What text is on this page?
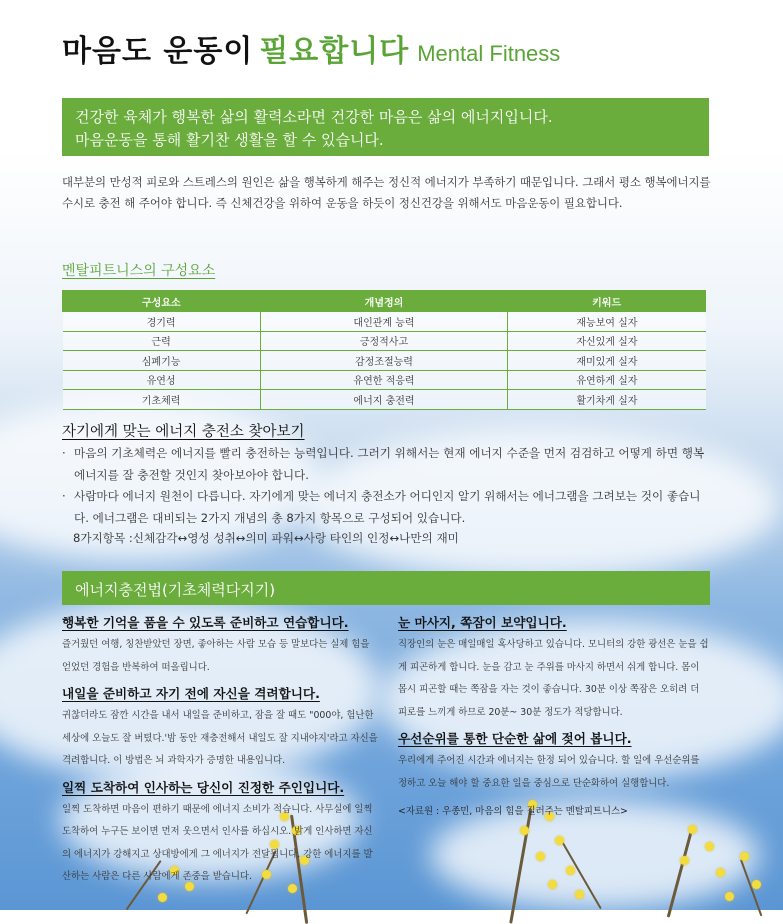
마음도 운동이 필요합니다 Mental Fitness
건강한 육체가 행복한 삶의 활력소라면 건강한 마음은 삶의 에너지입니다.
마음운동을 통해 활기찬 생활을 할 수 있습니다.
대부분의 만성적 피로와 스트레스의 원인은 삶을 행복하게 해주는 정신적 에너지가 부족하기 때문입니다. 그래서 평소 행복에너지를 수시로 충전 해 주어야 합니다. 즉 신체건강을 위하여 운동을 하듯이 정신건강을 위해서도 마음운동이 필요합니다.
멘탈피트니스의 구성요소
구성요소	개념정의	키워드
경기력	대인관계 능력	재능보여 실자
근력	긍정적사고	자신있게 실자
심폐기능	감정조절능력	재미있게 실자
유연성	유연한 적응력	유연하게 실자
기초체력	에너지 충전력	활기차게 실자
자기에게 맞는 에너지 충전소 찾아보기
· 마음의 기초체력은 에너지를 빨리 충전하는 능력입니다. 그러기 위해서는 현재 에너지 수준을 먼저 검검하고 어떻게 하면 행복에너지를 잘 충전할 것인지 찾아보아야 합니다.
· 사람마다 에너지 원천이 다릅니다. 자기에게 맞는 에너지 충전소가 어디인지 알기 위해서는 에너그램을 그려보는 것이 좋습니다. 에너그램은 대비되는 2가지 개념의 총 8가지 항목으로 구성되어 있습니다.
8가지항목 :신체감각↔영성 성취↔의미 파워↔사랑 타인의 인정↔나만의 재미
에너지충전법(기초체력다지기)
행복한 기억을 품을 수 있도록 준비하고 연습합니다.
즐거웠던 여행, 칭찬받았던 장면, 좋아하는 사람 모습 등 말보다는 실제 힘을 얻었던 경험을 반복하여 떠올립니다.
내일을 준비하고 자기 전에 자신을 격려합니다.
귀찮더라도 잠깐 시간을 내서 내일을 준비하고, 잠을 잘 때도 "000야, 험난한 세상에 오늘도 잘 버텼다.'밤 동안 재충전해서 내일도 잘 지내야지'라고 자신을 격려합니다. 이 방법은 뇌 과학자가 증명한 내용입니다.
일찍 도착하여 인사하는 당신이 진정한 주인입니다.
일찍 도착하면 마음이 편하기 때문에 에너지 소비가 적습니다. 사무실에 일찍 도착하여 누구든 보이면 먼저 웃으면서 인사를 하십시오. 밝게 인사하면 자신의 에너지가 강해지고 상대방에게 그 에너지가 전달됩니다. 강한 에너지를 발산하는 사람은 다른 사람에게 존중을 받습니다.
눈 마사지, 쪽잠이 보약입니다.
직장인의 눈은 매일매일 혹사당하고 있습니다. 모니터의 강한 광선은 눈을 쉽게 피곤하게 합니다. 눈을 감고 눈 주위를 마사지 하면서 쉬게 합니다. 몸이 몹시 피곤할 때는 쪽잠을 자는 것이 좋습니다. 30분 이상 쪽잠은 오히려 더 피로를 느끼게 하므로 20분~ 30분 정도가 적당합니다.
우선순위를 통한 단순한 삶에 젖어 봅니다.
우리에게 주어진 시간과 에너지는 한정 되어 있습니다. 할 일에 우선순위를 정하고 오늘 해야 할 중요한 일을 중심으로 단순화하여 실행합니다.
<자료원 : 우종민, 마음의 힘을 길러주는 멘탈피트니스>
